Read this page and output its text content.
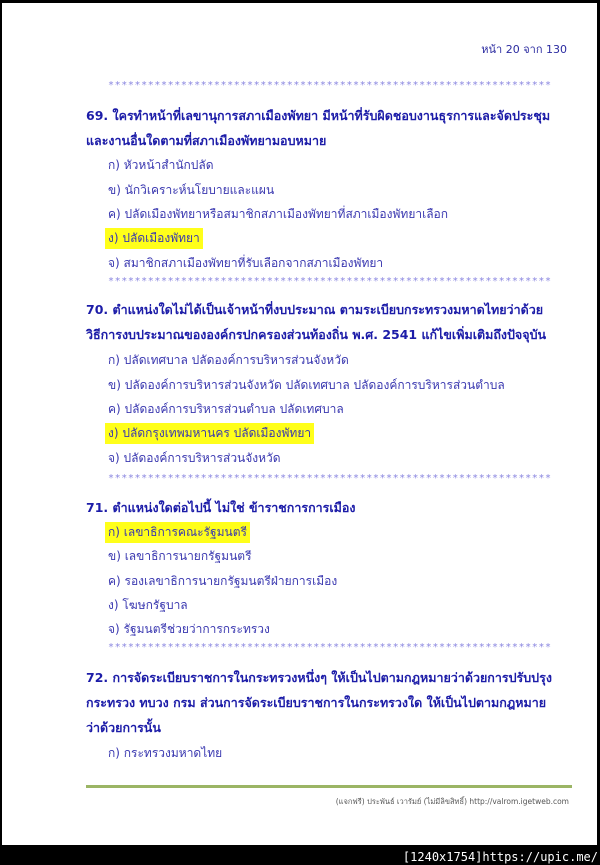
หน้า 20 จาก 130
*******************************************************************
69. ใครทำหน้าที่เลขานุการสภาเมืองพัทยา มีหน้าที่รับผิดชอบงานธุรการและจัดประชุม
และงานอื่นใดตามที่สภาเมืองพัทยามอบหมาย
ก) หัวหน้าสำนักปลัด
ข) นักวิเคราะห์นโยบายและแผน
ค) ปลัดเมืองพัทยาหรือสมาชิกสภาเมืองพัทยาที่สภาเมืองพัทยาเลือก
ง) ปลัดเมืองพัทยา
จ) สมาชิกสภาเมืองพัทยาที่รับเลือกจากสภาเมืองพัทยา
*******************************************************************
70. ตำแหน่งใดไม่ได้เป็นเจ้าหน้าที่งบประมาณ ตามระเบียบกระทรวงมหาดไทยว่าด้วย
วิธีการงบประมาณขององค์กรปกครองส่วนท้องถิ่น พ.ศ. 2541 แก้ไขเพิ่มเติมถึงปัจจุบัน
ก) ปลัดเทศบาล ปลัดองค์การบริหารส่วนจังหวัด
ข) ปลัดองค์การบริหารส่วนจังหวัด ปลัดเทศบาล ปลัดองค์การบริหารส่วนตำบล
ค) ปลัดองค์การบริหารส่วนตำบล ปลัดเทศบาล
ง) ปลัดกรุงเทพมหานคร ปลัดเมืองพัทยา
จ) ปลัดองค์การบริหารส่วนจังหวัด
*******************************************************************
71. ตำแหน่งใดต่อไปนี้ ไม่ใช่ ข้าราชการการเมือง
ก) เลขาธิการคณะรัฐมนตรี
ข) เลขาธิการนายกรัฐมนตรี
ค) รองเลขาธิการนายกรัฐมนตรีฝ่ายการเมือง
ง) โฆษกรัฐบาล
จ) รัฐมนตรีช่วยว่าการกระทรวง
*******************************************************************
72. การจัดระเบียบราชการในกระทรวงหนึ่งๆ ให้เป็นไปตามกฎหมายว่าด้วยการปรับปรุง
กระทรวง ทบวง กรม ส่วนการจัดระเบียบราชการในกระทรวงใด ให้เป็นไปตามกฎหมาย
ว่าด้วยการนั้น
ก) กระทรวงมหาดไทย
(แจกฟรี) ประพันธ์ เวารัมย์ (ไม่มีลิขสิทธิ์) http://valrom.igetweb.com
[1240x1754]https://upic.me/
